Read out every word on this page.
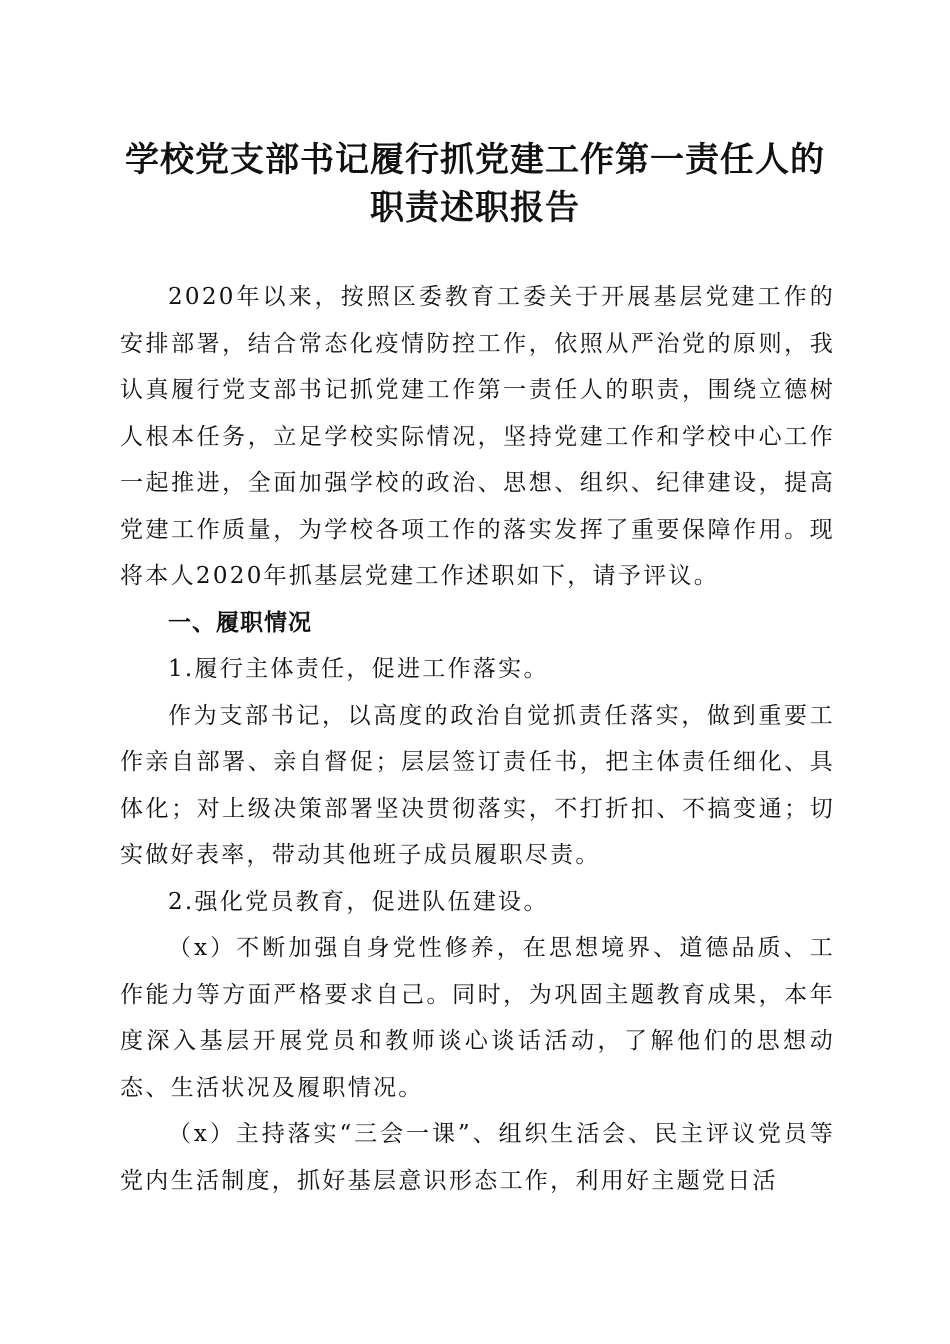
学校党支部书记履行抓党建工作第一责任人的
职责述职报告

2020年以来，按照区委教育工委关于开展基层党建工作的安排部署，结合常态化疫情防控工作，依照从严治党的原则，我认真履行党支部书记抓党建工作第一责任人的职责，围绕立德树人根本任务，立足学校实际情况，坚持党建工作和学校中心工作一起推进，全面加强学校的政治、思想、组织、纪律建设，提高党建工作质量，为学校各项工作的落实发挥了重要保障作用。现将本人2020年抓基层党建工作述职如下，请予评议。

一、履职情况

1.履行主体责任，促进工作落实。

作为支部书记，以高度的政治自觉抓责任落实，做到重要工作亲自部署、亲自督促；层层签订责任书，把主体责任细化、具体化；对上级决策部署坚决贯彻落实，不打折扣、不搞变通；切实做好表率，带动其他班子成员履职尽责。

2.强化党员教育，促进队伍建设。

（x）不断加强自身党性修养，在思想境界、道德品质、工作能力等方面严格要求自己。同时，为巩固主题教育成果，本年度深入基层开展党员和教师谈心谈话活动，了解他们的思想动态、生活状况及履职情况。

（x）主持落实“三会一课”、组织生活会、民主评议党员等党内生活制度，抓好基层意识形态工作，利用好主题党日活
